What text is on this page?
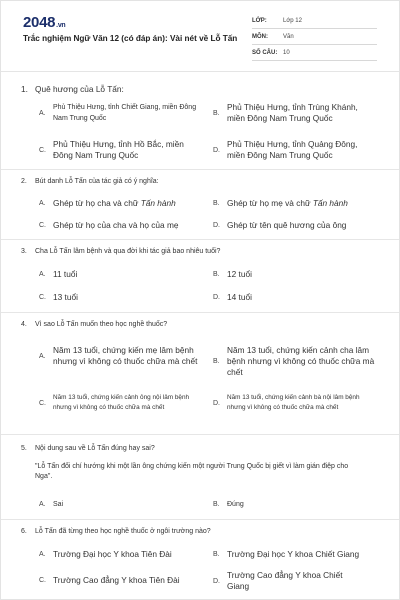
2048.vn
Trắc nghiệm Ngữ Văn 12 (có đáp án): Vài nét về Lỗ Tấn
LỚP:	Lớp 12
MÔN:	Văn
SỐ CÂU: 10
1. Quê hương của Lỗ Tấn:
A.
Phủ Thiệu Hưng, tỉnh Chiết Giang, miền Đông Nam Trung Quốc
B.
Phủ Thiệu Hưng, tỉnh Trùng Khánh, miền Đông Nam Trung Quốc
C.
Phủ Thiệu Hưng, tỉnh Hồ Bắc, miền Đông Nam Trung Quốc	D.
Phủ Thiệu Hưng, tỉnh Quảng Đông, miền Đông Nam Trung Quốc
2.	Bút danh Lỗ Tấn của tác giả có ý nghĩa:
A. Ghép từ họ cha và chữ Tấn hành	B. Ghép từ họ mẹ và chữ Tấn hành
C. Ghép từ họ của cha và họ của mẹ	D. Ghép từ tên quê hương của ông
3.	Cha Lỗ Tấn lâm bệnh và qua đời khi tác giả bao nhiêu tuổi?
A. 11 tuổi	B. 12 tuổi
C. 13 tuổi	D. 14 tuổi
4.	Vì sao Lỗ Tấn muốn theo học nghề thuốc?
A.
Năm 13 tuổi, chứng kiến mẹ lâm bệnh nhưng vì không có thuốc chữa mà chết	B.
Năm 13 tuổi, chứng kiến cảnh cha lâm bệnh nhưng vì không có thuốc chữa mà chết
C.
Năm 13 tuổi, chứng kiến cảnh ông nội lâm bệnh nhưng vì không có thuốc chữa mà chết
D.
Năm 13 tuổi, chứng kiến cảnh bà nội lâm bệnh nhưng vì không có thuốc chữa mà chết
5.	Nội dung sau về Lỗ Tấn đúng hay sai?
"Lỗ Tấn đổi chí hướng khi một lần ông chứng kiến một người Trung Quốc bị giết vì làm gián điệp cho Nga".
A.	Sai	B.	Đúng
6.	Lỗ Tấn đã từng theo học nghề thuốc ở ngôi trường nào?
A. Trường Đại học Y khoa Tiên Đài	B. Trường Đại học Y khoa Chiết Giang
C. Trường Cao đẳng Y khoa Tiên Đài	D.
Trường Cao đẳng Y khoa Chiết Giang
